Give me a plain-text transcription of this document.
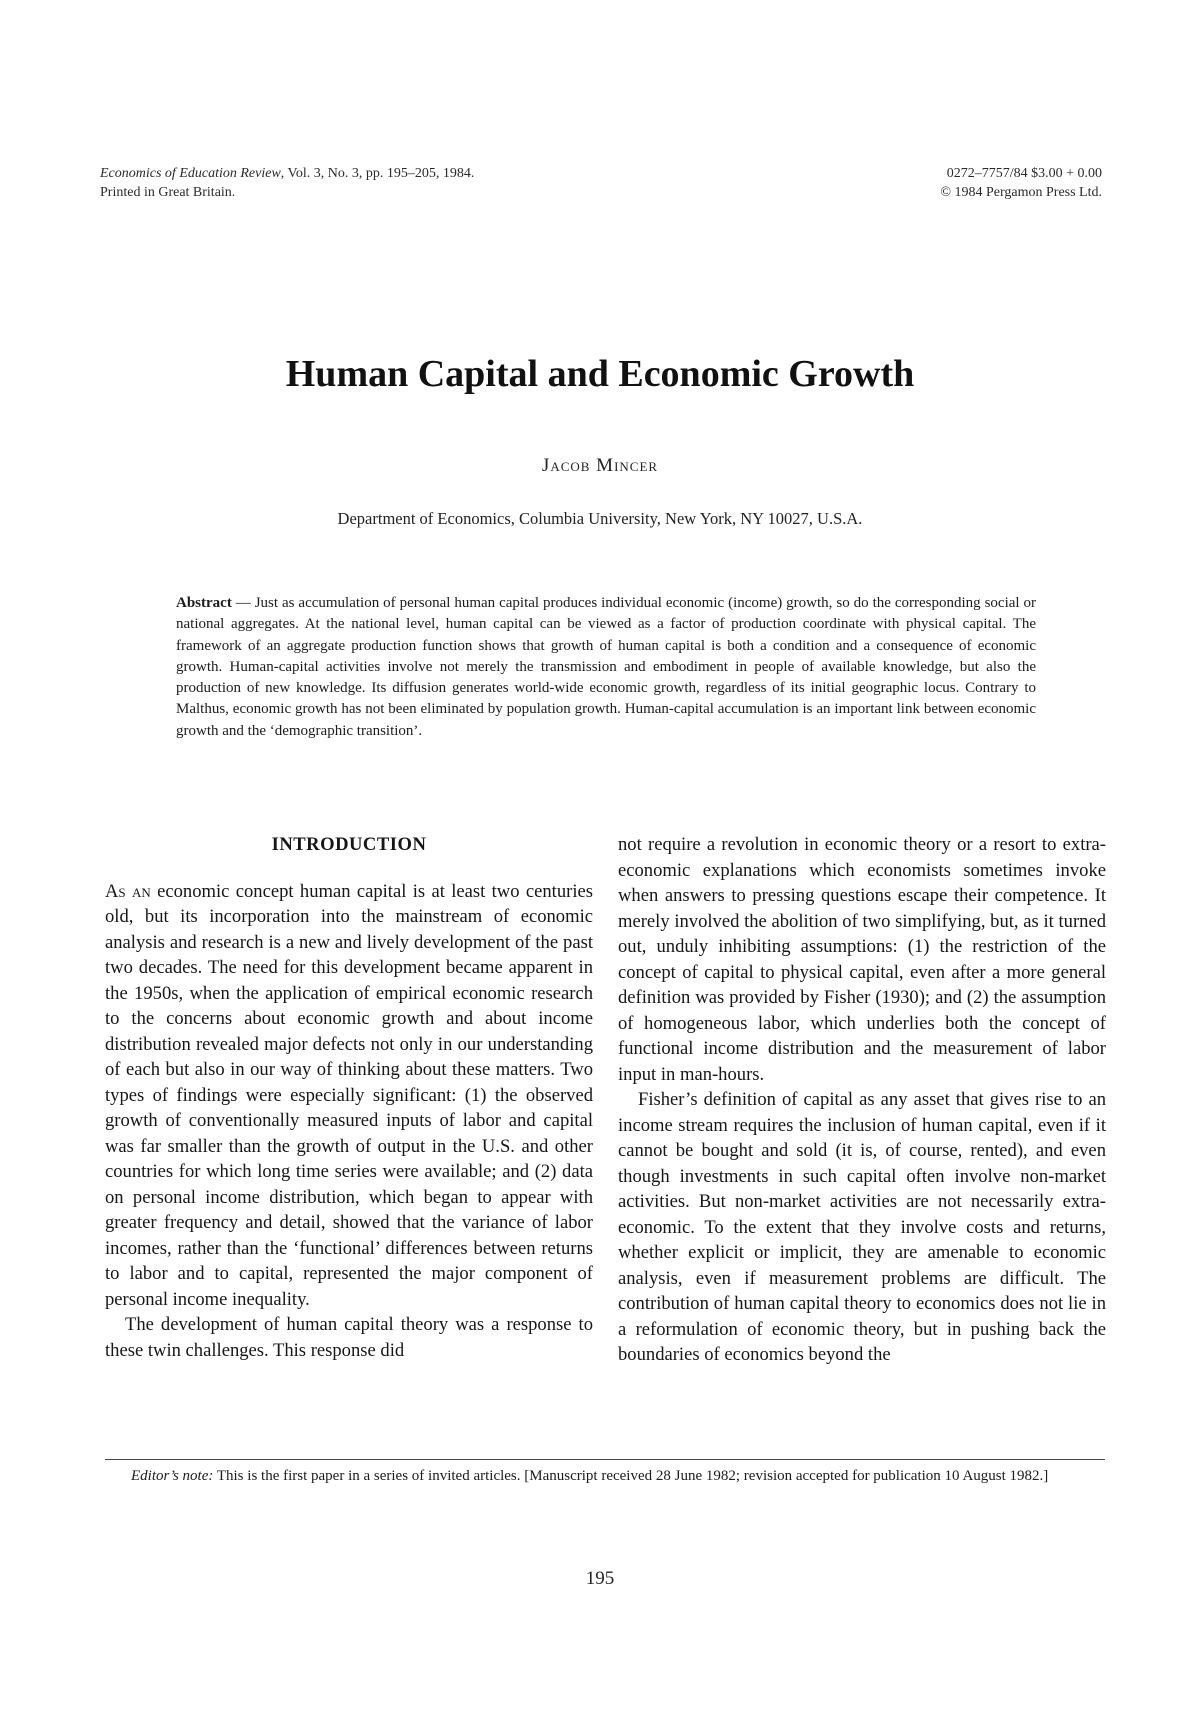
Economics of Education Review, Vol. 3, No. 3, pp. 195–205, 1984.
Printed in Great Britain.
0272–7757/84 $3.00 + 0.00
© 1984 Pergamon Press Ltd.
Human Capital and Economic Growth
Jacob Mincer
Department of Economics, Columbia University, New York, NY 10027, U.S.A.
Abstract — Just as accumulation of personal human capital produces individual economic (income) growth, so do the corresponding social or national aggregates. At the national level, human capital can be viewed as a factor of production coordinate with physical capital. The framework of an aggregate production function shows that growth of human capital is both a condition and a consequence of economic growth. Human-capital activities involve not merely the transmission and embodiment in people of available knowledge, but also the production of new knowledge. Its diffusion generates world-wide economic growth, regardless of its initial geographic locus. Contrary to Malthus, economic growth has not been eliminated by population growth. Human-capital accumulation is an important link between economic growth and the ‘demographic transition’.

INTRODUCTION

As an economic concept human capital is at least two centuries old, but its incorporation into the mainstream of economic analysis and research is a new and lively development of the past two decades. The need for this development became apparent in the 1950s, when the application of empirical economic research to the concerns about economic growth and about income distribution revealed major defects not only in our understanding of each but also in our way of thinking about these matters. Two types of findings were especially significant: (1) the observed growth of conventionally measured inputs of labor and capital was far smaller than the growth of output in the U.S. and other countries for which long time series were available; and (2) data on personal income distribution, which began to appear with greater frequency and detail, showed that the variance of labor incomes, rather than the ‘functional’ differences between returns to labor and to capital, represented the major component of personal income inequality.

The development of human capital theory was a response to these twin challenges. This response did

not require a revolution in economic theory or a resort to extra-economic explanations which economists sometimes invoke when answers to pressing questions escape their competence. It merely involved the abolition of two simplifying, but, as it turned out, unduly inhibiting assumptions: (1) the restriction of the concept of capital to physical capital, even after a more general definition was provided by Fisher (1930); and (2) the assumption of homogeneous labor, which underlies both the concept of functional income distribution and the measurement of labor input in man-hours.

Fisher’s definition of capital as any asset that gives rise to an income stream requires the inclusion of human capital, even if it cannot be bought and sold (it is, of course, rented), and even though investments in such capital often involve non-market activities. But non-market activities are not necessarily extra-economic. To the extent that they involve costs and returns, whether explicit or implicit, they are amenable to economic analysis, even if measurement problems are difficult. The contribution of human capital theory to economics does not lie in a reformulation of economic theory, but in pushing back the boundaries of economics beyond the

Editor’s note: This is the first paper in a series of invited articles. [Manuscript received 28 June 1982; revision accepted for publication 10 August 1982.]
195
